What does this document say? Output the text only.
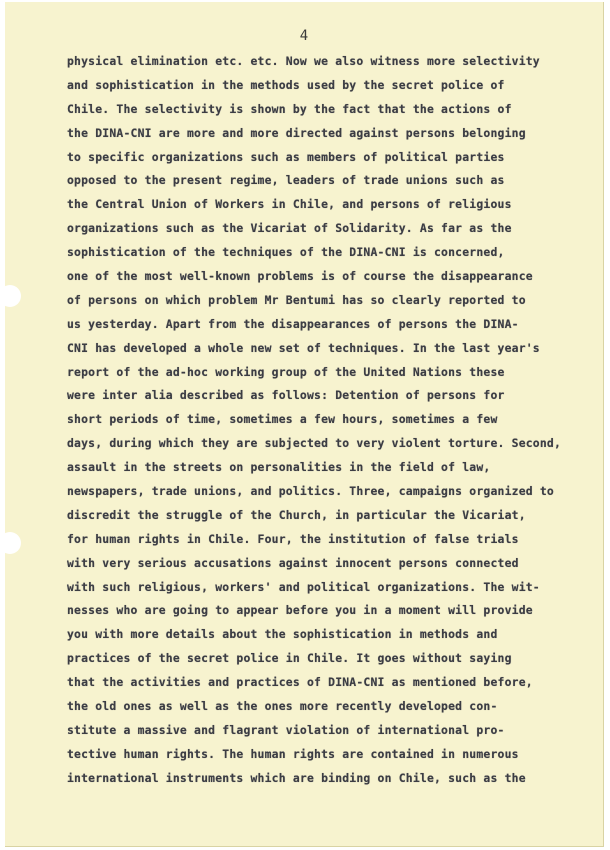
4
physical elimination etc. etc. Now we also witness more selectivity
and sophistication in the methods used by the secret police of
Chile. The selectivity is shown by the fact that the actions of
the DINA-CNI are more and more directed against persons belonging
to specific organizations such as members of political parties
opposed to the present regime, leaders of trade unions such as
the Central Union of Workers in Chile, and persons of religious
organizations such as the Vicariat of Solidarity. As far as the
sophistication of the techniques of the DINA-CNI is concerned,
one of the most well-known problems is of course the disappearance
of persons on which problem Mr Bentumi has so clearly reported to
us yesterday. Apart from the disappearances of persons the DINA-
CNI has developed a whole new set of techniques. In the last year's
report of the ad-hoc working group of the United Nations these
were inter alia described as follows: Detention of persons for
short periods of time, sometimes a few hours, sometimes a few
days, during which they are subjected to very violent torture. Second,
assault in the streets on personalities in the field of law,
newspapers, trade unions, and politics. Three, campaigns organized to
discredit the struggle of the Church, in particular the Vicariat,
for human rights in Chile. Four, the institution of false trials
with very serious accusations against innocent persons connected
with such religious, workers' and political organizations. The wit-
nesses who are going to appear before you in a moment will provide
you with more details about the sophistication in methods and
practices of the secret police in Chile. It goes without saying
that the activities and practices of DINA-CNI as mentioned before,
the old ones as well as the ones more recently developed con-
stitute a massive and flagrant violation of international pro-
tective human rights. The human rights are contained in numerous
international instruments which are binding on Chile, such as the
